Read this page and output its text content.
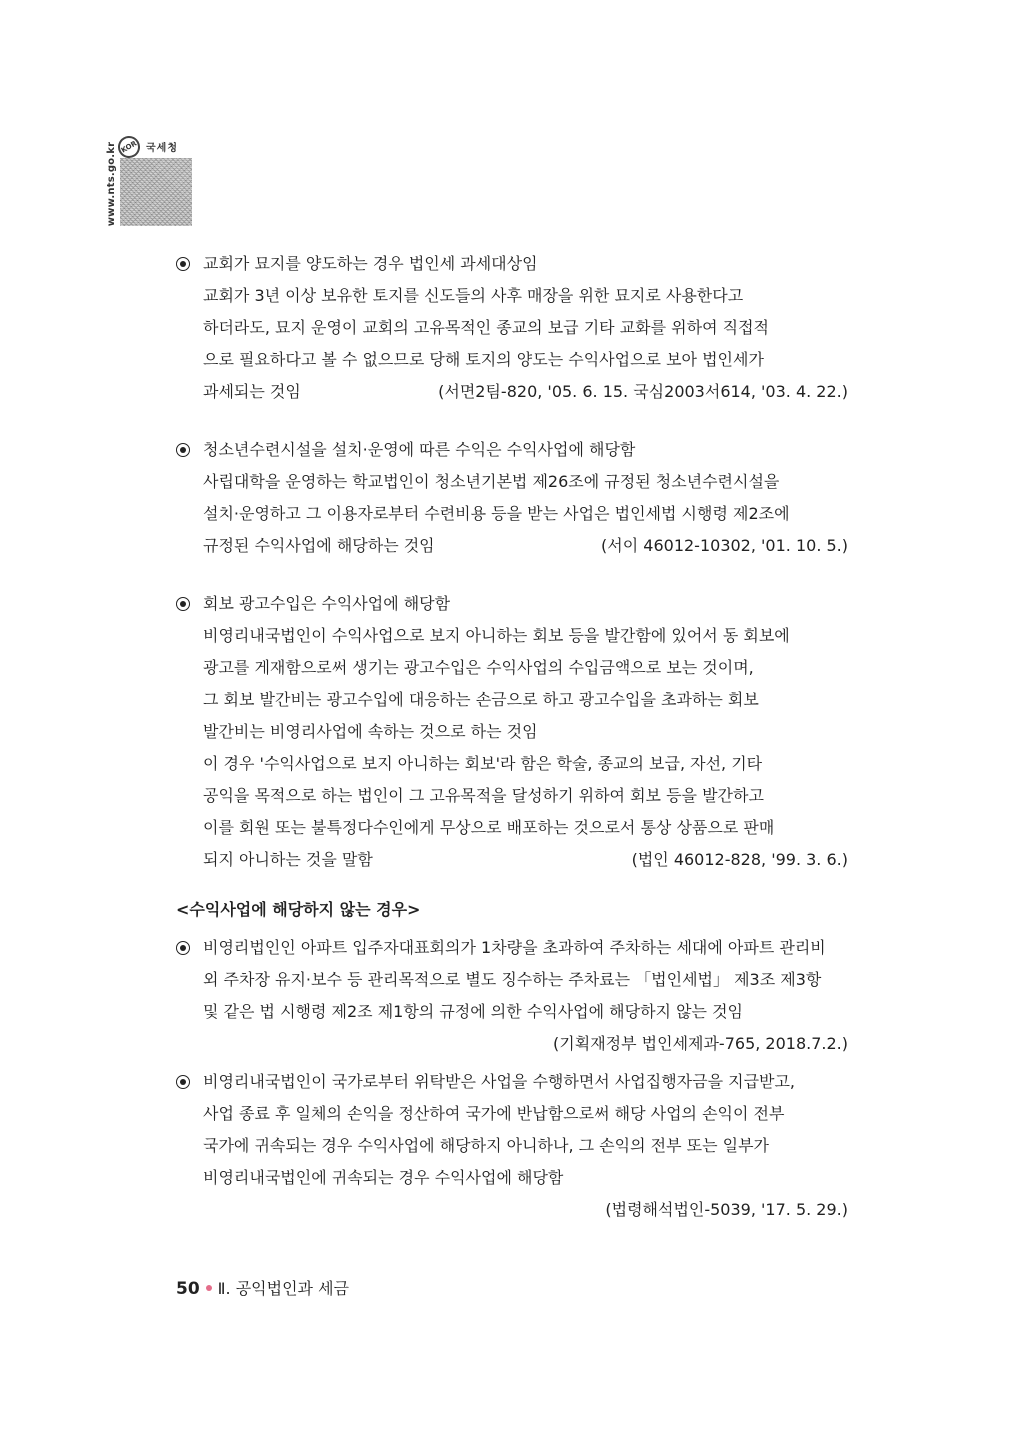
www.nts.go.kr KOR 국세청
교회가 묘지를 양도하는 경우 법인세 과세대상임
교회가 3년 이상 보유한 토지를 신도들의 사후 매장을 위한 묘지로 사용한다고
하더라도, 묘지 운영이 교회의 고유목적인 종교의 보급 기타 교화를 위하여 직접적
으로 필요하다고 볼 수 없으므로 당해 토지의 양도는 수익사업으로 보아 법인세가
과세되는 것임	(서면2팀-820, '05. 6. 15. 국심2003서614, '03. 4. 22.)
청소년수련시설을 설치·운영에 따른 수익은 수익사업에 해당함
사립대학을 운영하는 학교법인이 청소년기본법 제26조에 규정된 청소년수련시설을
설치·운영하고 그 이용자로부터 수련비용 등을 받는 사업은 법인세법 시행령 제2조에
규정된 수익사업에 해당하는 것임	(서이 46012-10302, '01. 10. 5.)
회보 광고수입은 수익사업에 해당함
비영리내국법인이 수익사업으로 보지 아니하는 회보 등을 발간함에 있어서 동 회보에
광고를 게재함으로써 생기는 광고수입은 수익사업의 수입금액으로 보는 것이며,
그 회보 발간비는 광고수입에 대응하는 손금으로 하고 광고수입을 초과하는 회보
발간비는 비영리사업에 속하는 것으로 하는 것임
이 경우 '수익사업으로 보지 아니하는 회보'라 함은 학술, 종교의 보급, 자선, 기타
공익을 목적으로 하는 법인이 그 고유목적을 달성하기 위하여 회보 등을 발간하고
이를 회원 또는 불특정다수인에게 무상으로 배포하는 것으로서 통상 상품으로 판매
되지 아니하는 것을 말함	(법인 46012-828, '99. 3. 6.)
<수익사업에 해당하지 않는 경우>
비영리법인인 아파트 입주자대표회의가 1차량을 초과하여 주차하는 세대에 아파트 관리비
외 주차장 유지·보수 등 관리목적으로 별도 징수하는 주차료는 「법인세법」 제3조 제3항
및 같은 법 시행령 제2조 제1항의 규정에 의한 수익사업에 해당하지 않는 것임
(기획재정부 법인세제과-765, 2018.7.2.)
비영리내국법인이 국가로부터 위탁받은 사업을 수행하면서 사업집행자금을 지급받고,
사업 종료 후 일체의 손익을 정산하여 국가에 반납함으로써 해당 사업의 손익이 전부
국가에 귀속되는 경우 수익사업에 해당하지 아니하나, 그 손익의 전부 또는 일부가
비영리내국법인에 귀속되는 경우 수익사업에 해당함
(법령해석법인-5039, '17. 5. 29.)
50 Ⅱ. 공익법인과 세금
